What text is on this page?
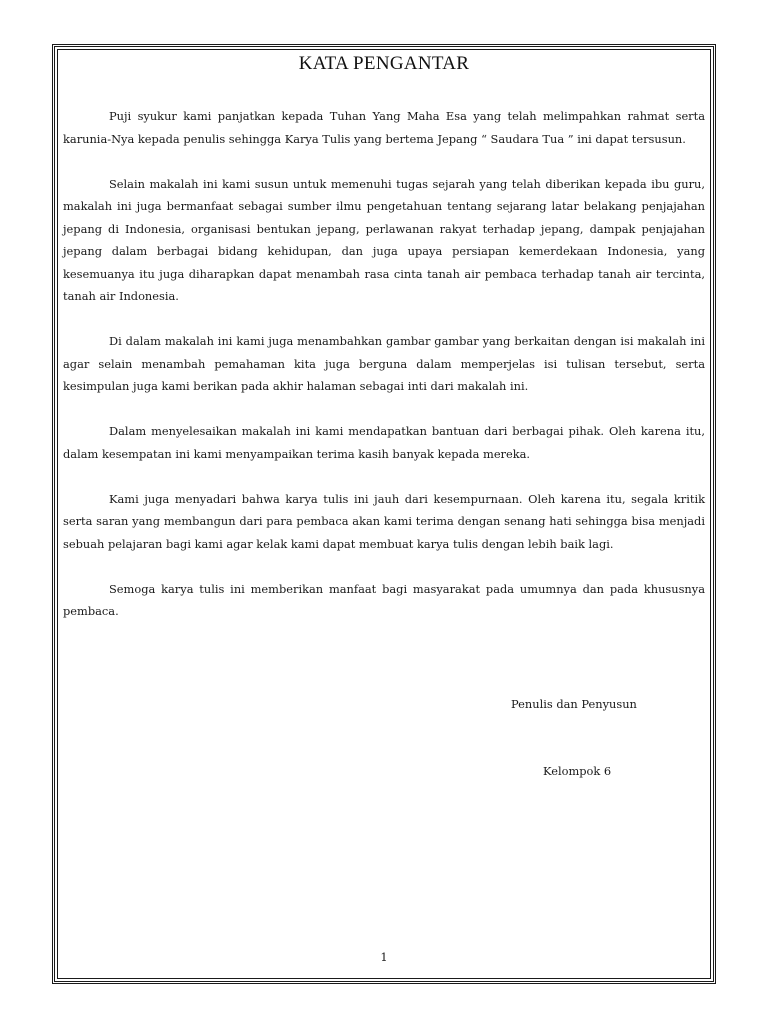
KATA PENGANTAR

Puji syukur kami panjatkan kepada Tuhan Yang Maha Esa yang telah melimpahkan rahmat serta karunia-Nya kepada penulis sehingga Karya Tulis yang bertema Jepang “ Saudara Tua ” ini dapat tersusun.

Selain makalah ini kami susun untuk memenuhi tugas sejarah yang telah diberikan kepada ibu guru, makalah ini juga bermanfaat sebagai sumber ilmu pengetahuan tentang sejarang latar belakang penjajahan jepang di Indonesia, organisasi bentukan jepang, perlawanan rakyat terhadap jepang, dampak penjajahan jepang dalam berbagai bidang kehidupan, dan juga upaya persiapan kemerdekaan Indonesia, yang kesemuanya itu juga diharapkan dapat menambah rasa cinta tanah air pembaca terhadap tanah air tercinta, tanah air Indonesia.

Di dalam makalah ini kami juga menambahkan gambar gambar yang berkaitan dengan isi makalah ini agar selain menambah pemahaman kita juga berguna dalam memperjelas isi tulisan tersebut, serta kesimpulan juga kami berikan pada akhir halaman sebagai inti dari makalah ini.

Dalam menyelesaikan makalah ini kami mendapatkan bantuan dari berbagai pihak. Oleh karena itu, dalam kesempatan ini kami menyampaikan terima kasih banyak kepada mereka.

Kami juga menyadari bahwa karya tulis ini jauh dari kesempurnaan. Oleh karena itu, segala kritik serta saran yang membangun dari para pembaca akan kami terima dengan senang hati sehingga bisa menjadi sebuah pelajaran bagi kami agar kelak kami dapat membuat karya tulis dengan lebih baik lagi.

Semoga karya tulis ini memberikan manfaat bagi masyarakat pada umumnya dan pada khususnya pembaca.

Penulis dan Penyusun
Kelompok 6
1
